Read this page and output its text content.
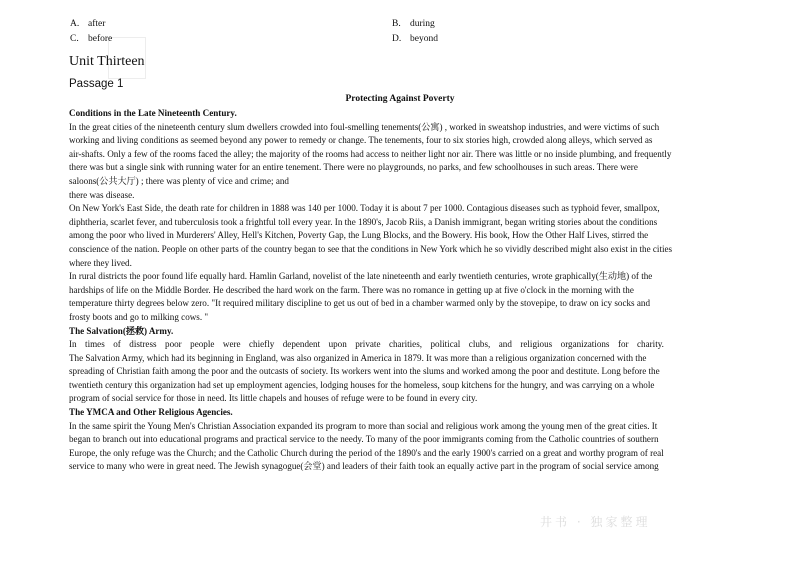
A. after	B. during
C. before	D. beyond
Unit Thirteen
Passage 1
Protecting Against Poverty
Conditions in the Late Nineteenth Century.
In the great cities of the nineteenth century slum dwellers crowded into foul-smelling tenements(公寓) , worked in sweatshop industries, and were victims of such
working and living conditions as seemed beyond any power to remedy or change. The tenements, four to six stories high, crowded along alleys, which served as
air-shafts. Only a few of the rooms faced the alley; the majority of the rooms had access to neither light nor air. There was little or no inside plumbing, and frequently
there was but a single sink with running water for an entire tenement. There were no playgrounds, no parks, and few schoolhouses in such areas. There were
saloons(公共大厅) ; there was plenty of vice and crime; and
there was disease.
On New York's East Side, the death rate for children in 1888 was 140 per 1000. Today it is about 7 per 1000. Contagious diseases such as typhoid fever, smallpox,
diphtheria, scarlet fever, and tuberculosis took a frightful toll every year. In the 1890's, Jacob Riis, a Danish immigrant, began writing stories about the conditions
among the poor who lived in Murderers' Alley, Hell's Kitchen, Poverty Gap, the Lung Blocks, and the Bowery. His book, How the Other Half Lives, stirred the
conscience of the nation. People on other parts of the country began to see that the conditions in New York which he so vividly described might also exist in the cities
where they lived.
In rural districts the poor found life equally hard. Hamlin Garland, novelist of the late nineteenth and early twentieth centuries, wrote graphically(生动地) of the
hardships of life on the Middle Border. He described the hard work on the farm. There was no romance in getting up at five o'clock in the morning with the
temperature thirty degrees below zero. "It required military discipline to get us out of bed in a chamber warmed only by the stovepipe, to draw on icy socks and
frosty boots and go to milking cows. "
The Salvation(拯救) Army.
In times of distress poor people were chiefly dependent upon private charities, political clubs, and religious organizations for charity.
The Salvation Army, which had its beginning in England, was also organized in America in 1879. It was more than a religious organization concerned with the
spreading of Christian faith among the poor and the outcasts of society. Its workers went into the slums and worked among the poor and destitute. Long before the
twentieth century this organization had set up employment agencies, lodging houses for the homeless, soup kitchens for the hungry, and was carrying on a whole
program of social service for those in need. Its little chapels and houses of refuge were to be found in every city.
The YMCA and Other Religious Agencies.
In the same spirit the Young Men's Christian Association expanded its program to more than social and religious work among the young men of the great cities. It
began to branch out into educational programs and practical service to the needy. To many of the poor immigrants coming from the Catholic countries of southern
Europe, the only refuge was the Church; and the Catholic Church during the period of the 1890's and the early 1900's carried on a great and worthy program of real
service to many who were in great need. The Jewish synagogue(会堂) and leaders of their faith took an equally active part in the program of social service among
井书 · 独家整理
